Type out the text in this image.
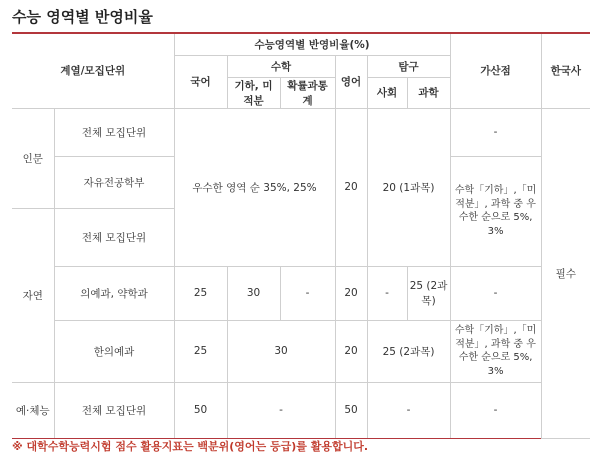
수능 영역별 반영비율
계열/모집단위		수능영역별 반영비율(%)						가산점	한국사
		국어	수학		영어	탐구			
			기하, 미적분	확률과통계		사회	과학		
인문	전체 모집단위	우수한 영역 순 35%, 25%			20	20 (1과목)		-	필수
	자유전공학부							수학「기하」,「미적분」, 과학 중 우수한 순으로 5%, 3%	
자연	전체 모집단위								
	의예과, 약학과	25	30	-	20	-	25 (2과목)	-	
	한의예과	25	30		20	25 (2과목)		수학「기하」,「미적분」, 과학 중 우수한 순으로 5%, 3%	
예·체능	전체 모집단위	50	-		50	-		-	
※ 대학수학능력시험 점수 활용지표는 백분위(영어는 등급)를 활용합니다.
